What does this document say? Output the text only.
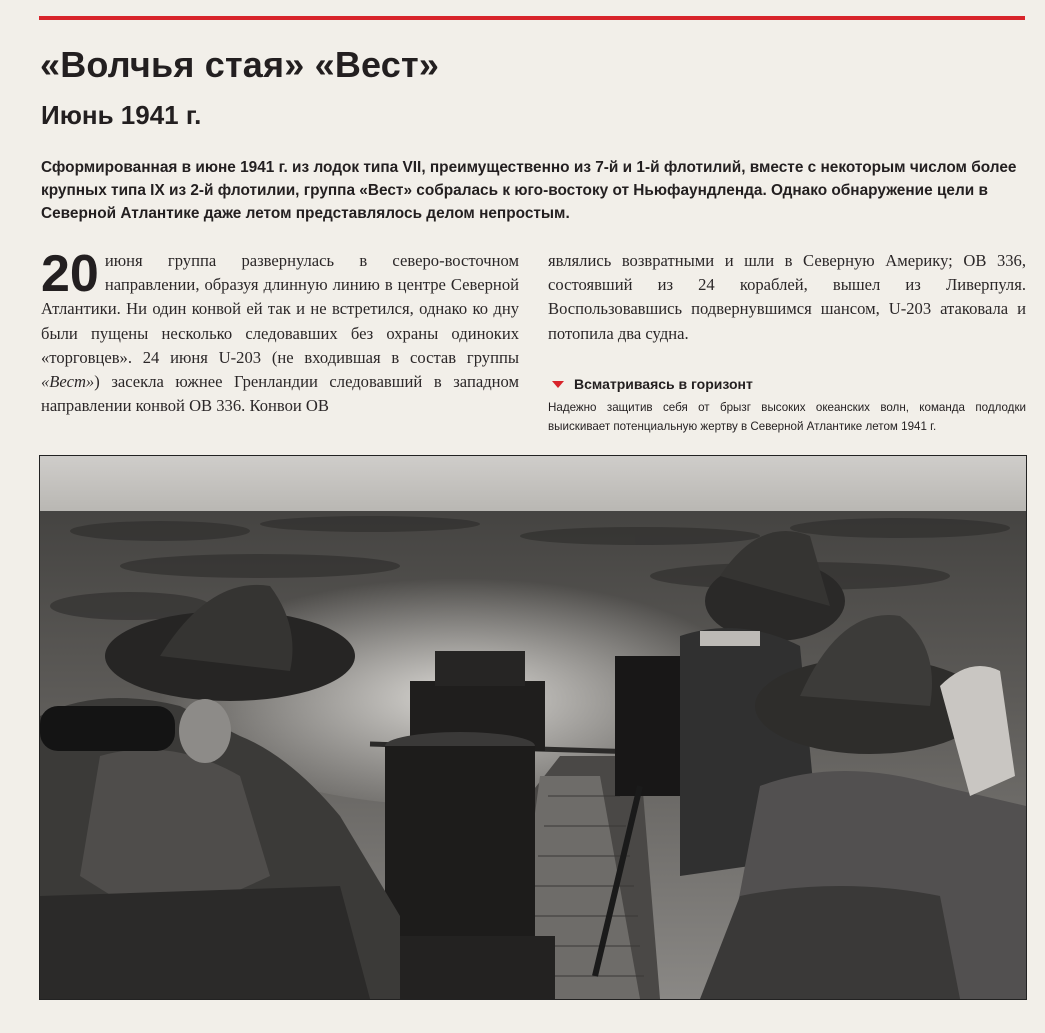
«Волчья стая» «Вест»
Июнь 1941 г.

Сформированная в июне 1941 г. из лодок типа VII, преимущественно из 7-й и 1-й флотилий, вместе с некоторым числом более крупных типа IX из 2-й флотилии, группа «Вест» собралась к юго-востоку от Ньюфаундленда. Однако обнаружение цели в Северной Атлантике даже летом представлялось делом непростым.

20 июня группа развернулась в северо-восточном направлении, образуя длинную линию в центре Северной Атлантики. Ни один конвой ей так и не встретился, однако ко дну были пущены несколько следовавших без охраны одиноких «торговцев». 24 июня U-203 (не входившая в состав группы «Вест») засекла южнее Гренландии следовавший в западном направлении конвой OB 336. Конвои OB
являлись возвратными и шли в Северную Америку; OB 336, состоявший из 24 кораблей, вышел из Ливерпуля. Воспользовавшись подвернувшимся шансом, U-203 атаковала и потопила два судна.
Всматриваясь в горизонт
Надежно защитив себя от брызг высоких океанских волн, команда подлодки выискивает потенциальную жертву в Северной Атлантике летом 1941 г.
